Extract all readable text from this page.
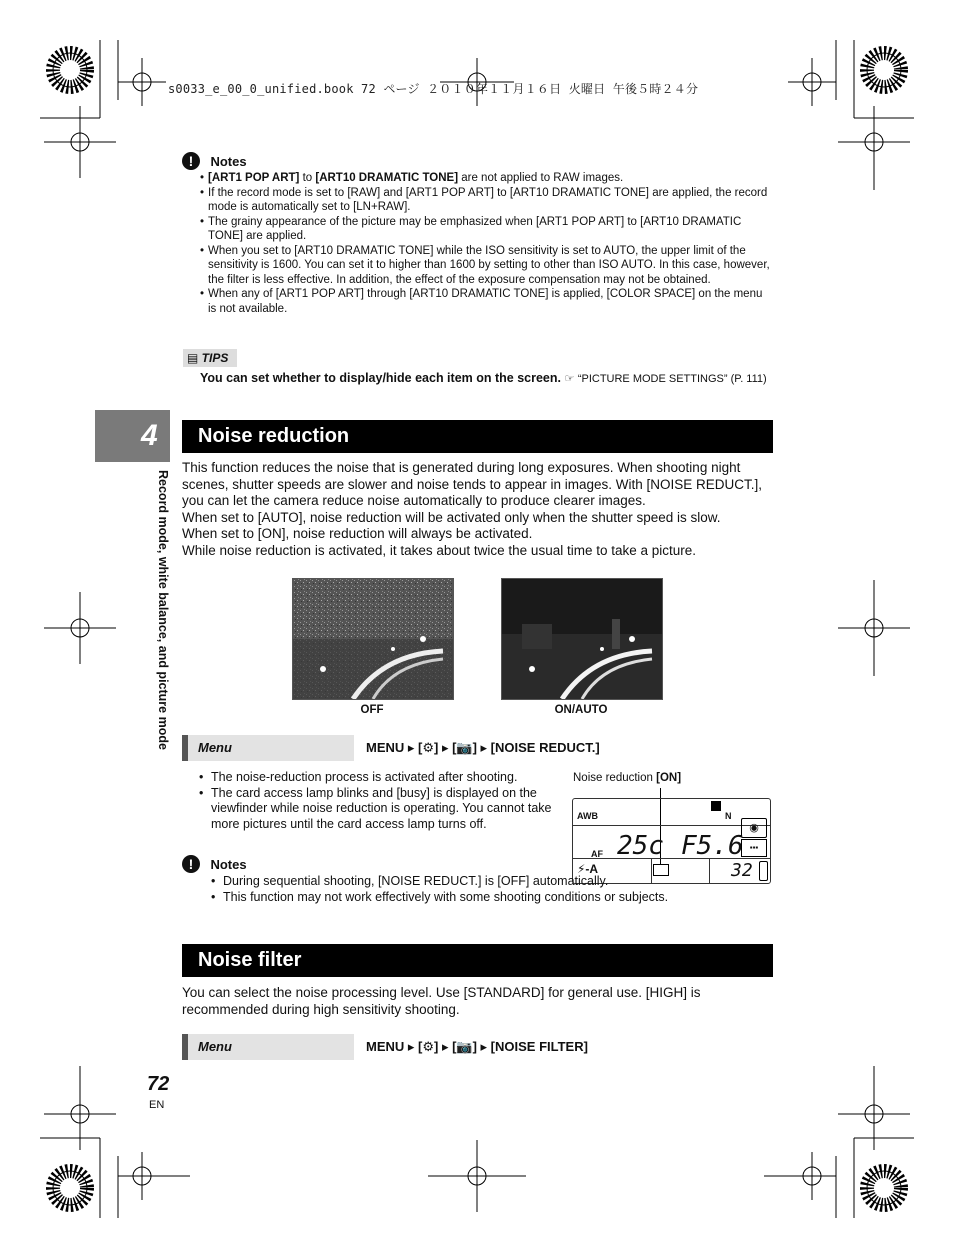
s0033_e_00_0_unified.book 72 ページ ２０１０年１１月１６日 火曜日 午後５時２４分
! Notes
• [ART1 POP ART] to [ART10 DRAMATIC TONE] are not applied to RAW images.
• If the record mode is set to [RAW] and [ART1 POP ART] to [ART10 DRAMATIC TONE] are applied, the record mode is automatically set to [LN+RAW].
• The grainy appearance of the picture may be emphasized when [ART1 POP ART] to [ART10 DRAMATIC TONE] are applied.
• When you set to [ART10 DRAMATIC TONE] while the ISO sensitivity is set to AUTO, the upper limit of the sensitivity is 1600. You can set it to higher than 1600 by setting to other than ISO AUTO. In this case, however, the filter is less effective. In addition, the effect of the exposure compensation may not be obtained.
• When any of [ART1 POP ART] through [ART10 DRAMATIC TONE] is applied, [COLOR SPACE] on the menu is not available.
▤ TIPS
You can set whether to display/hide each item on the screen. ☞ “PICTURE MODE SETTINGS” (P. 111)
4
Record mode, white balance, and picture mode
Noise reduction
This function reduces the noise that is generated during long exposures. When shooting night scenes, shutter speeds are slower and noise tends to appear in images. With [NOISE REDUCT.], you can let the camera reduce noise automatically to produce clearer images.
When set to [AUTO], noise reduction will be activated only when the shutter speed is slow.
When set to [ON], noise reduction will always be activated.
While noise reduction is activated, it takes about twice the usual time to take a picture.
OFF	ON/AUTO
Menu	MENU ▸ [⚙] ▸ [📷] ▸ [NOISE REDUCT.]
• The noise-reduction process is activated after shooting.
• The card access lamp blinks and [busy] is displayed on the viewfinder while noise reduction is operating. You cannot take more pictures until the card access lamp turns off.
Noise reduction [ON]
AWB	N
◉
AF 25c F5.6 ▪▪▪
⚡-A	32
! Notes
• During sequential shooting, [NOISE REDUCT.] is [OFF] automatically.
• This function may not work effectively with some shooting conditions or subjects.
Noise filter
You can select the noise processing level. Use [STANDARD] for general use. [HIGH] is recommended during high sensitivity shooting.
Menu	MENU ▸ [⚙] ▸ [📷] ▸ [NOISE FILTER]
72
EN
